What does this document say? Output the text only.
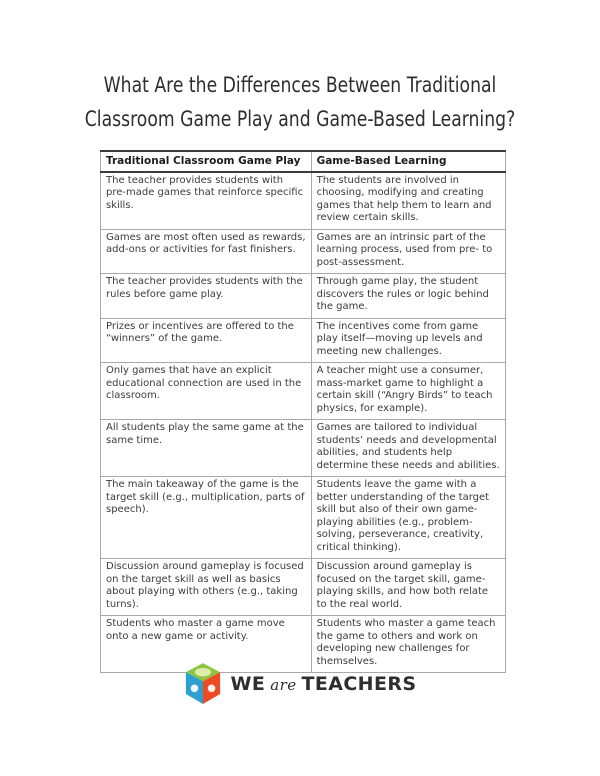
What Are the Differences Between Traditional
Classroom Game Play and Game-Based Learning?
Traditional Classroom Game Play	Game-Based Learning
The teacher provides students with pre-made games that reinforce specific skills.	The students are involved in choosing, modifying and creating games that help them to learn and review certain skills.
Games are most often used as rewards, add-ons or activities for fast finishers.	Games are an intrinsic part of the learning process, used from pre- to post-assessment.
The teacher provides students with the rules before game play.	Through game play, the student discovers the rules or logic behind the game.
Prizes or incentives are offered to the “winners” of the game.	The incentives come from game play itself—moving up levels and meeting new challenges.
Only games that have an explicit educational connection are used in the classroom.	A teacher might use a consumer, mass-market game to highlight a certain skill (“Angry Birds” to teach physics, for example).
All students play the same game at the same time.	Games are tailored to individual students’ needs and developmental abilities, and students help determine these needs and abilities.
The main takeaway of the game is the target skill (e.g., multiplication, parts of speech).	Students leave the game with a better understanding of the target skill but also of their own game-playing abilities (e.g., problem-solving, perseverance, creativity, critical thinking).
Discussion around gameplay is focused on the target skill as well as basics about playing with others (e.g., taking turns).	Discussion around gameplay is focused on the target skill, game-playing skills, and how both relate to the real world.
Students who master a game move onto a new game or activity.	Students who master a game teach the game to others and work on developing new challenges for themselves.
WE are TEACHERS
